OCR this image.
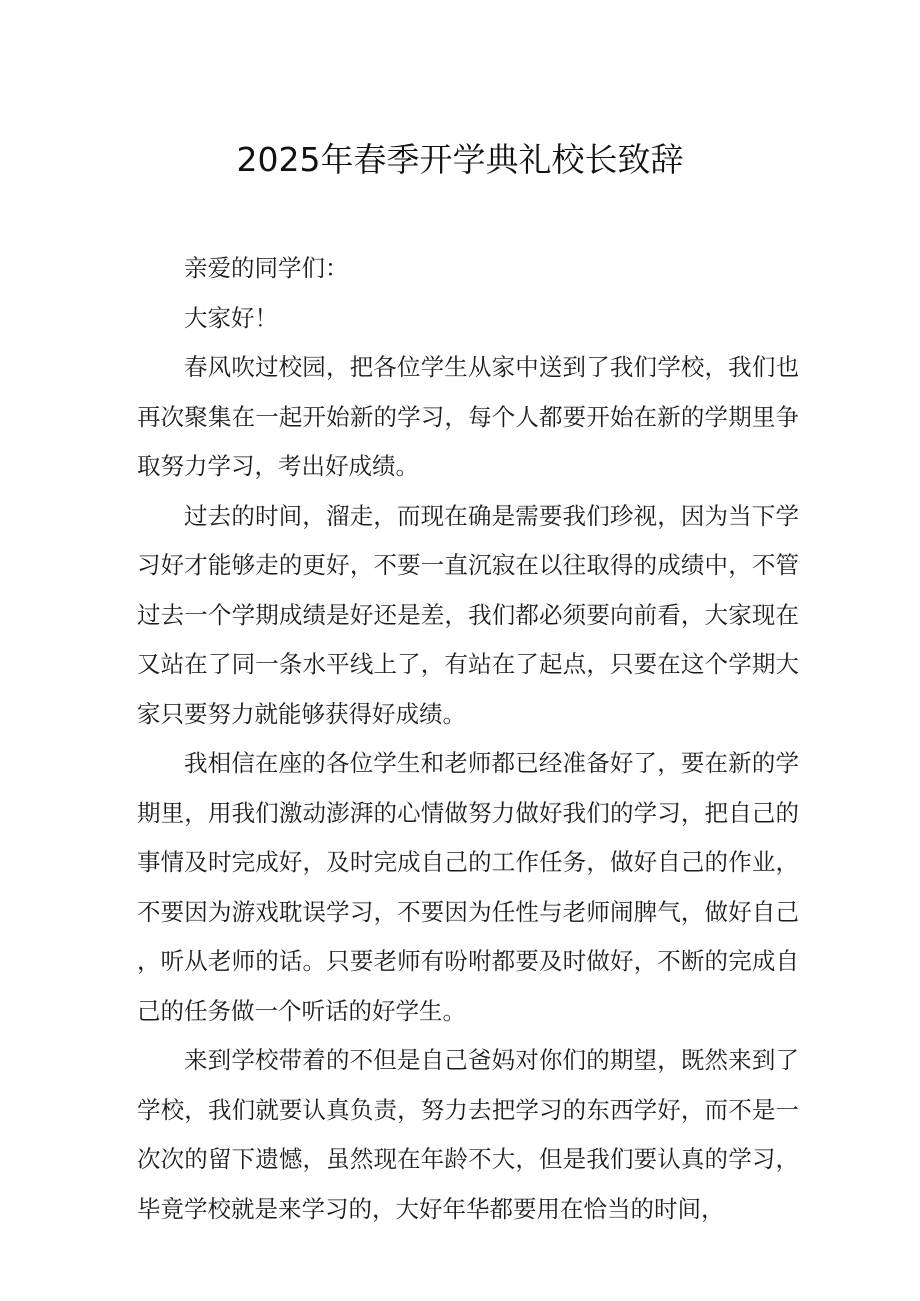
2025年春季开学典礼校长致辞

亲爱的同学们：

大家好！

春风吹过校园，把各位学生从家中送到了我们学校，我们也再次聚集在一起开始新的学习，每个人都要开始在新的学期里争取努力学习，考出好成绩。

过去的时间，溜走，而现在确是需要我们珍视，因为当下学习好才能够走的更好，不要一直沉寂在以往取得的成绩中，不管过去一个学期成绩是好还是差，我们都必须要向前看，大家现在又站在了同一条水平线上了，有站在了起点，只要在这个学期大家只要努力就能够获得好成绩。

我相信在座的各位学生和老师都已经准备好了，要在新的学期里，用我们激动澎湃的心情做努力做好我们的学习，把自己的事情及时完成好，及时完成自己的工作任务，做好自己的作业，不要因为游戏耽误学习，不要因为任性与老师闹脾气，做好自己，听从老师的话。只要老师有吩咐都要及时做好，不断的完成自己的任务做一个听话的好学生。

来到学校带着的不但是自己爸妈对你们的期望，既然来到了学校，我们就要认真负责，努力去把学习的东西学好，而不是一次次的留下遗憾，虽然现在年龄不大，但是我们要认真的学习，毕竟学校就是来学习的，大好年华都要用在恰当的时间，
